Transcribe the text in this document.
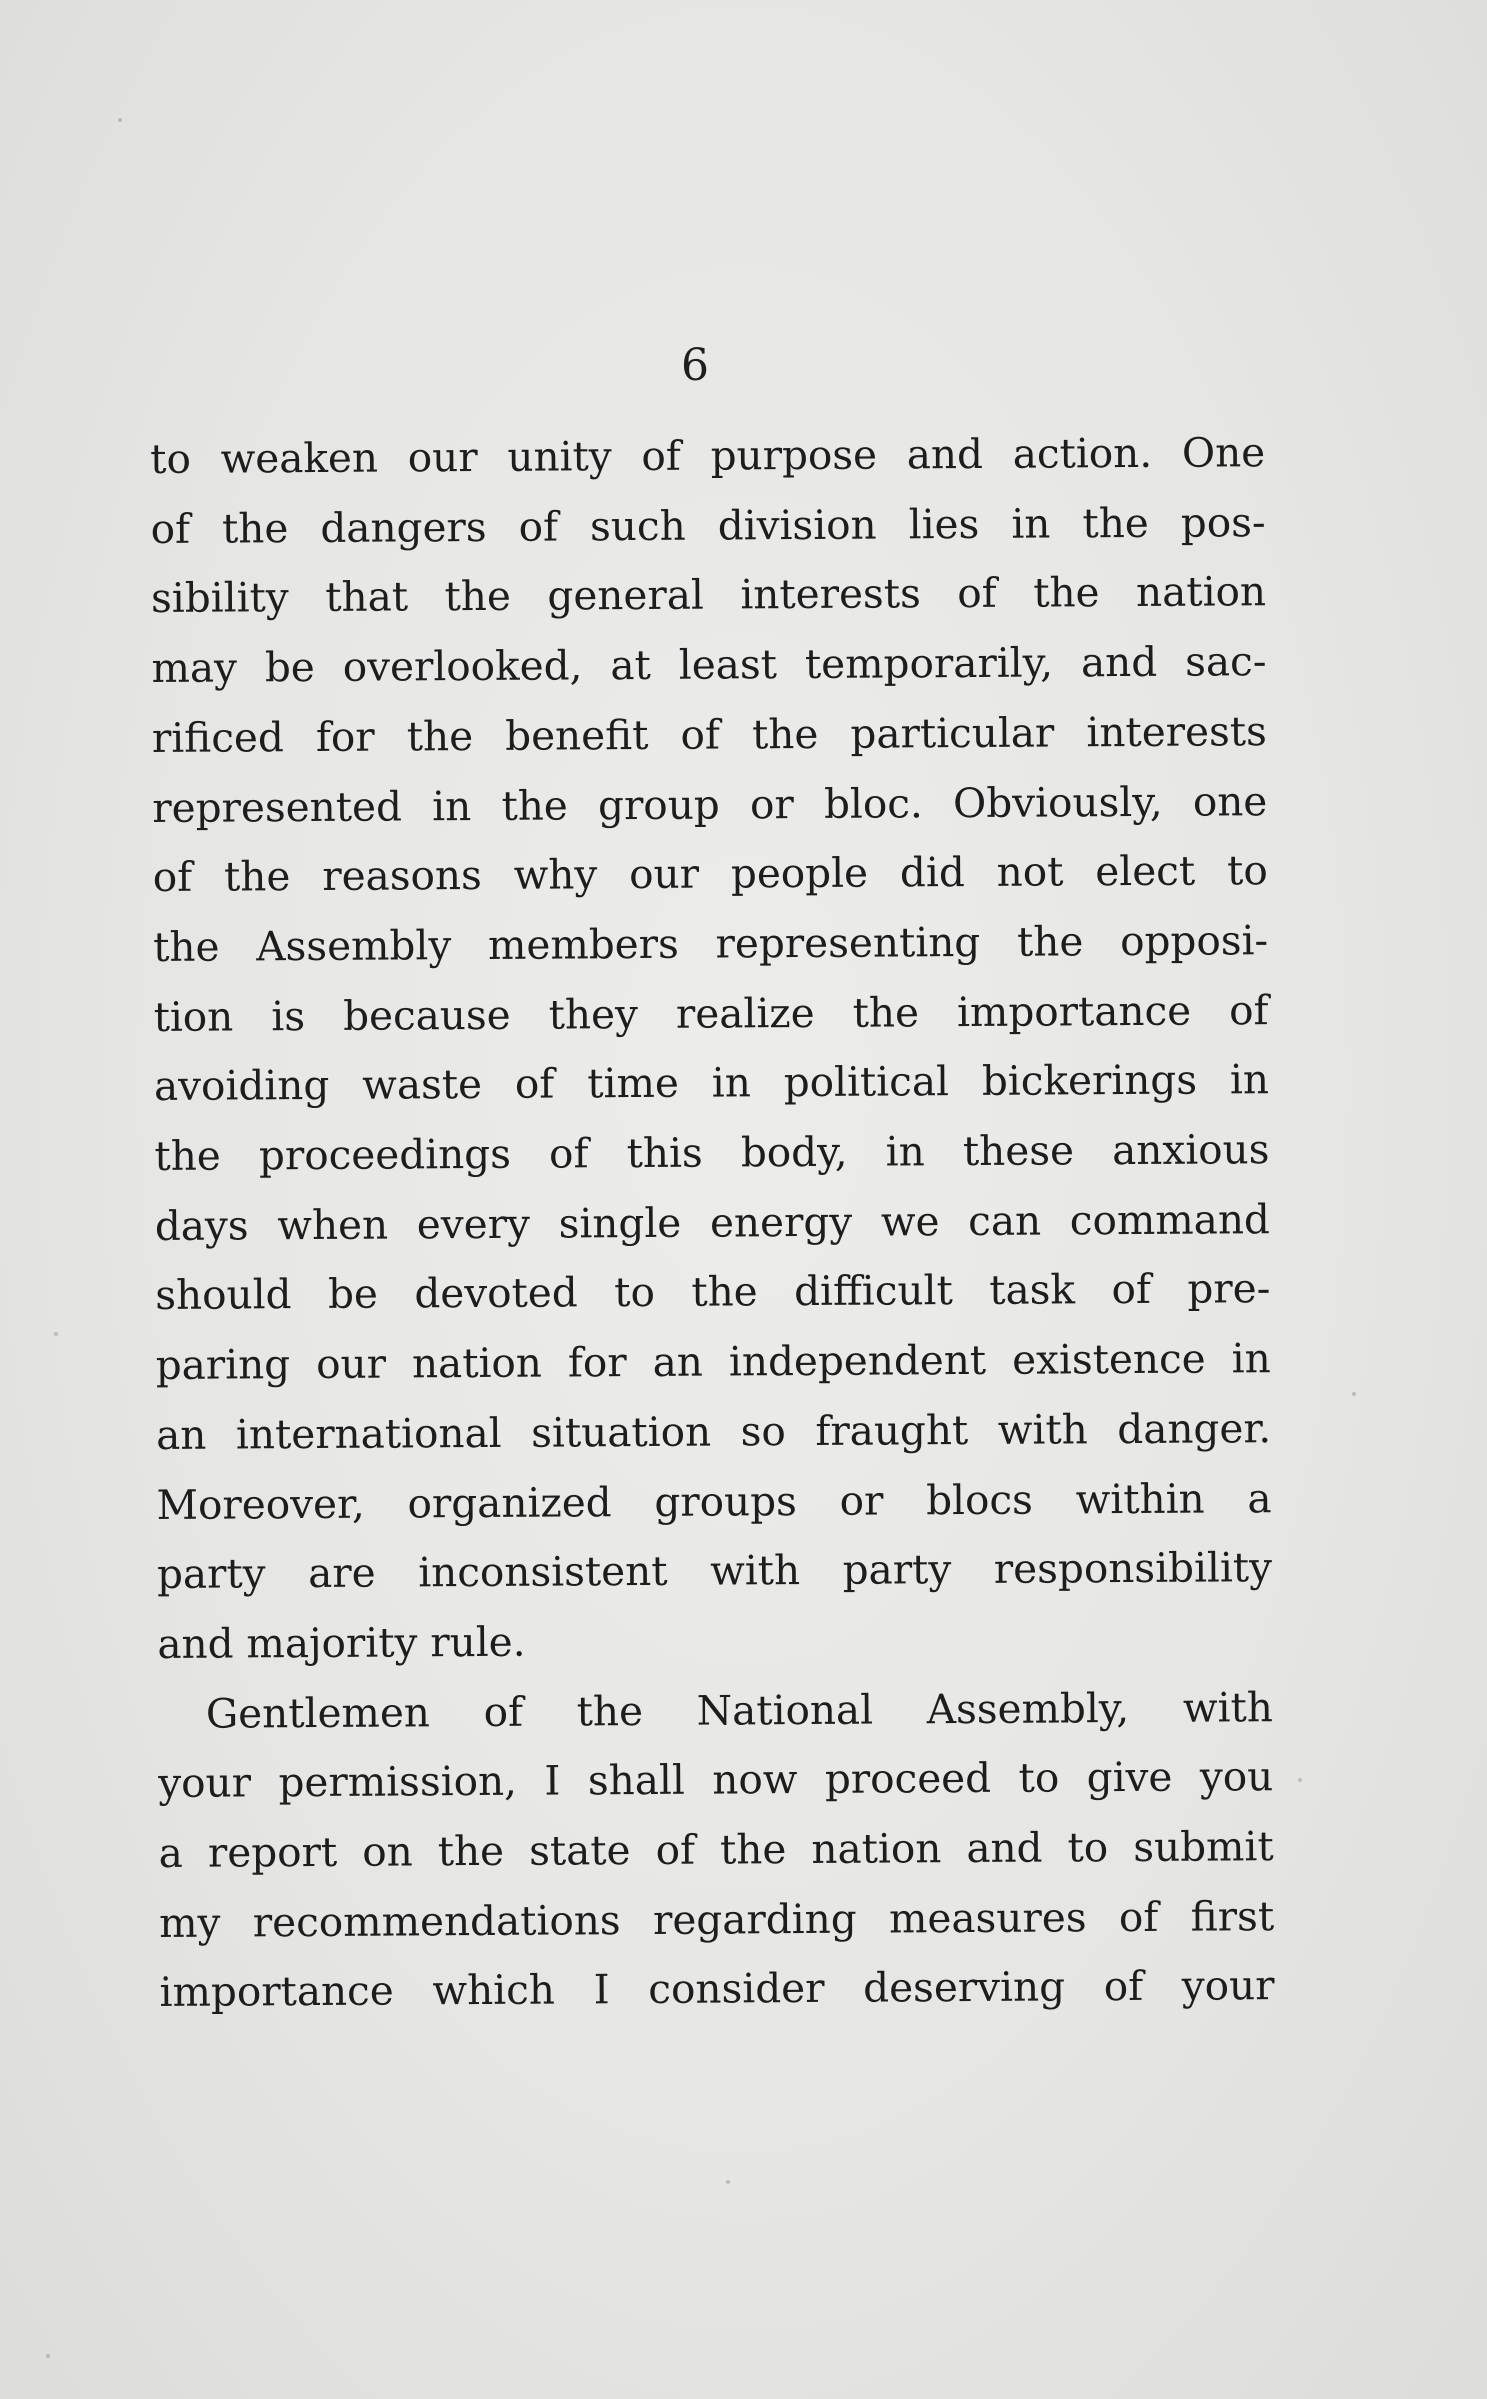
6
to weaken our unity of purpose and action. One
of the dangers of such division lies in the pos-
sibility that the general interests of the nation
may be overlooked, at least temporarily, and sac-
rificed for the benefit of the particular interests
represented in the group or bloc. Obviously, one
of the reasons why our people did not elect to
the Assembly members representing the opposi-
tion is because they realize the importance of
avoiding waste of time in political bickerings in
the proceedings of this body, in these anxious
days when every single energy we can command
should be devoted to the difficult task of pre-
paring our nation for an independent existence in
an international situation so fraught with danger.
Moreover, organized groups or blocs within a
party are inconsistent with party responsibility
and majority rule.
Gentlemen of the National Assembly, with
your permission, I shall now proceed to give you
a report on the state of the nation and to submit
my recommendations regarding measures of first
importance which I consider deserving of your
